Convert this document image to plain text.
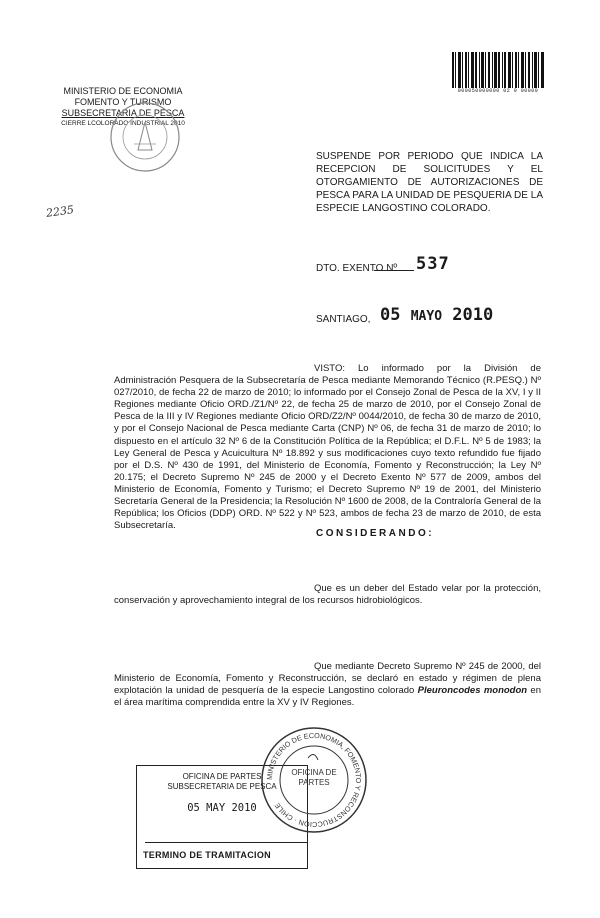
000050000000 02 0 00000
MINISTERIO DE ECONOMIA
FOMENTO Y TURISMO
SUBSECRETARIA DE PESCA
CIERRE LCOLORADO INDUSTRIAL 2010
2235
SUSPENDE POR PERIODO QUE INDICA LA RECEPCION DE SOLICITUDES Y EL OTORGAMIENTO DE AUTORIZACIONES DE PESCA PARA LA UNIDAD DE PESQUERIA DE LA ESPECIE LANGOSTINO COLORADO.
DTO. EXENTO Nº 537
SANTIAGO, 05 MAYO 2010
VISTO: Lo informado por la División de Administración Pesquera de la Subsecretaría de Pesca mediante Memorando Técnico (R.PESQ.) Nº 027/2010, de fecha 22 de marzo de 2010; lo informado por el Consejo Zonal de Pesca de la XV, I y II Regiones mediante Oficio ORD./Z1/Nº 22, de fecha 25 de marzo de 2010, por el Consejo Zonal de Pesca de la III y IV Regiones mediante Oficio ORD/Z2/Nº 0044/2010, de fecha 30 de marzo de 2010, y por el Consejo Nacional de Pesca mediante Carta (CNP) Nº 06, de fecha 31 de marzo de 2010; lo dispuesto en el artículo 32 Nº 6 de la Constitución Política de la República; el D.F.L. Nº 5 de 1983; la Ley General de Pesca y Acuicultura Nº 18.892 y sus modificaciones cuyo texto refundido fue fijado por el D.S. Nº 430 de 1991, del Ministerio de Economía, Fomento y Reconstrucción; la Ley Nº 20.175; el Decreto Supremo Nº 245 de 2000 y el Decreto Exento Nº 577 de 2009, ambos del Ministerio de Economía, Fomento y Turismo; el Decreto Supremo Nº 19 de 2001, del Ministerio Secretaría General de la Presidencia; la Resolución Nº 1600 de 2008, de la Contraloría General de la República; los Oficios (DDP) ORD. Nº 522 y Nº 523, ambos de fecha 23 de marzo de 2010, de esta Subsecretaría.
CONSIDERANDO:
Que es un deber del Estado velar por la protección, conservación y aprovechamiento integral de los recursos hidrobiológicos.
Que mediante Decreto Supremo Nº 245 de 2000, del Ministerio de Economía, Fomento y Reconstrucción, se declaró en estado y régimen de plena explotación la unidad de pesquería de la especie Langostino colorado Pleuroncodes monodon en el área marítima comprendida entre la XV y IV Regiones.
OFICINA DE PARTES
SUBSECRETARIA DE PESCA
05 MAY 2010
TERMINO DE TRAMITACION
MINISTERIO DE ECONOMIA, FOMENTO Y RECONSTRUCCION · CHILE
OFICINA DE PARTES
